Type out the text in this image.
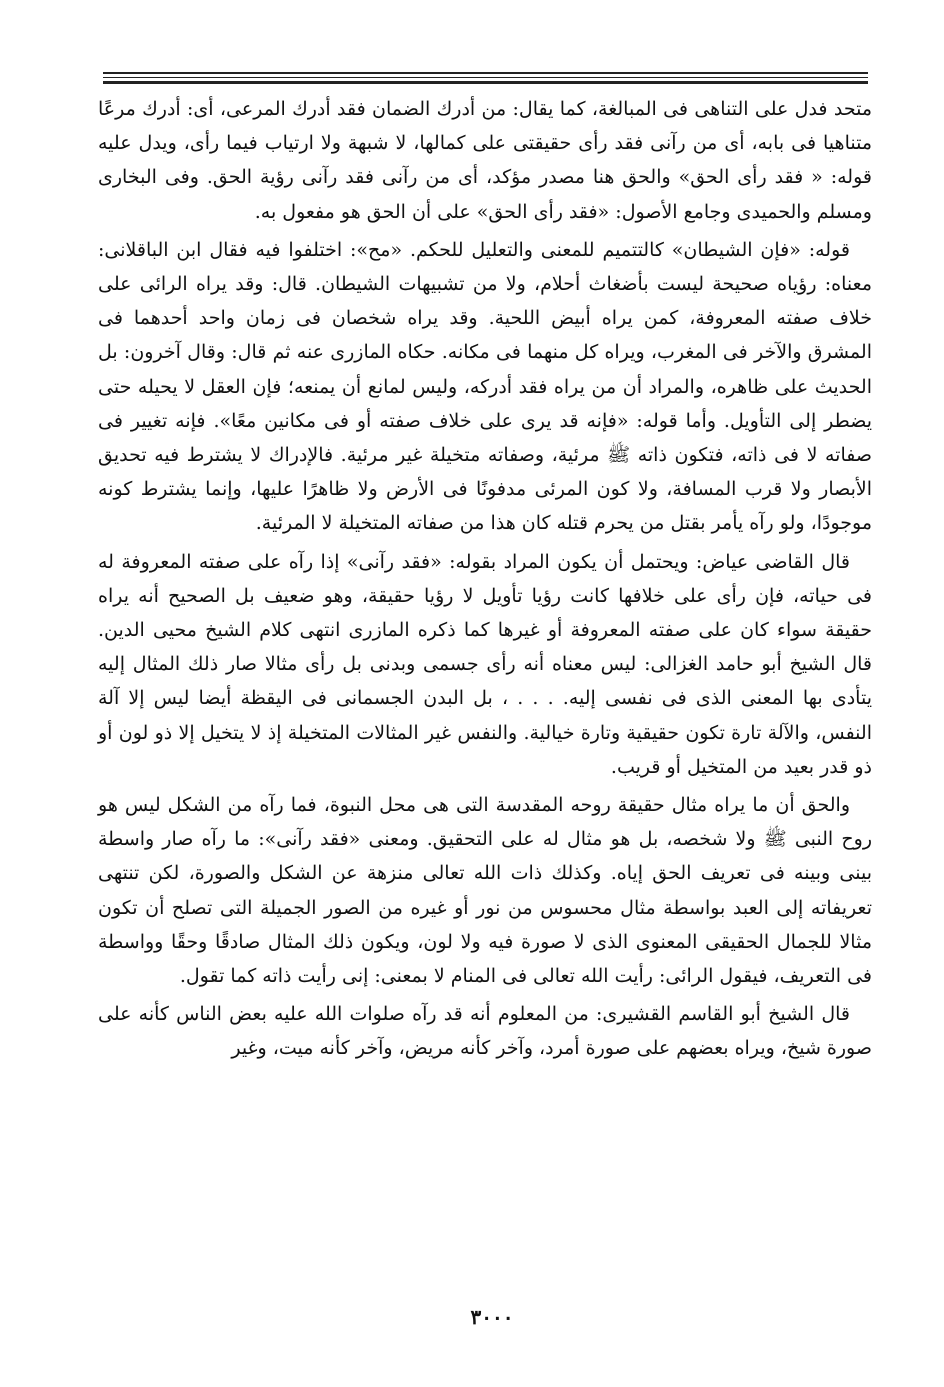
متحد فدل على التناهى فى المبالغة، كما يقال: من أدرك الضمان فقد أدرك المرعى، أى: أدرك مرعًا متناهيا فى بابه، أى من رآنى فقد رأى حقيقتى على كمالها، لا شبهة ولا ارتياب فيما رأى، ويدل عليه قوله: « فقد رأى الحق» والحق هنا مصدر مؤكد، أى من رآنى فقد رآنى رؤية الحق. وفى البخارى ومسلم والحميدى وجامع الأصول: «فقد رأى الحق» على أن الحق هو مفعول به.

قوله: «فإن الشيطان» كالتتميم للمعنى والتعليل للحكم. «مح»: اختلفوا فيه فقال ابن الباقلانى: معناه: رؤياه صحيحة ليست بأضغاث أحلام، ولا من تشبيهات الشيطان. قال: وقد يراه الرائى على خلاف صفته المعروفة، كمن يراه أبيض اللحية. وقد يراه شخصان فى زمان واحد أحدهما فى المشرق والآخر فى المغرب، ويراه كل منهما فى مكانه. حكاه المازرى عنه ثم قال: وقال آخرون: بل الحديث على ظاهره، والمراد أن من يراه فقد أدركه، وليس لمانع أن يمنعه؛ فإن العقل لا يحيله حتى يضطر إلى التأويل. وأما قوله: «فإنه قد يرى على خلاف صفته أو فى مكانين معًا». فإنه تغيير فى صفاته لا فى ذاته، فتكون ذاته ﷺ مرئية، وصفاته متخيلة غير مرئية. فالإدراك لا يشترط فيه تحديق الأبصار ولا قرب المسافة، ولا كون المرئى مدفونًا فى الأرض ولا ظاهرًا عليها، وإنما يشترط كونه موجودًا، ولو رآه يأمر بقتل من يحرم قتله كان هذا من صفاته المتخيلة لا المرئية.

قال القاضى عياض: ويحتمل أن يكون المراد بقوله: «فقد رآنى» إذا رآه على صفته المعروفة له فى حياته، فإن رأى على خلافها كانت رؤيا تأويل لا رؤيا حقيقة، وهو ضعيف بل الصحيح أنه يراه حقيقة سواء كان على صفته المعروفة أو غيرها كما ذكره المازرى انتهى كلام الشيخ محيى الدين. قال الشيخ أبو حامد الغزالى: ليس معناه أنه رأى جسمى وبدنى بل رأى مثالا صار ذلك المثال إليه يتأدى بها المعنى الذى فى نفسى إليه. . . . ، بل البدن الجسمانى فى اليقظة أيضا ليس إلا آلة النفس، والآلة تارة تكون حقيقية وتارة خيالية. والنفس غير المثالات المتخيلة إذ لا يتخيل إلا ذو لون أو ذو قدر بعيد من المتخيل أو قريب.

والحق أن ما يراه مثال حقيقة روحه المقدسة التى هى محل النبوة، فما رآه من الشكل ليس هو روح النبى ﷺ ولا شخصه، بل هو مثال له على التحقيق. ومعنى «فقد رآنى»: ما رآه صار واسطة بينى وبينه فى تعريف الحق إياه. وكذلك ذات الله تعالى منزهة عن الشكل والصورة، لكن تنتهى تعريفاته إلى العبد بواسطة مثال محسوس من نور أو غيره من الصور الجميلة التى تصلح أن تكون مثالا للجمال الحقيقى المعنوى الذى لا صورة فيه ولا لون، ويكون ذلك المثال صادقًا وحقًا وواسطة فى التعريف، فيقول الرائى: رأيت الله تعالى فى المنام لا بمعنى: إنى رأيت ذاته كما تقول.

قال الشيخ أبو القاسم القشيرى: من المعلوم أنه قد رآه صلوات الله عليه بعض الناس كأنه على صورة شيخ، ويراه بعضهم على صورة أمرد، وآخر كأنه مريض، وآخر كأنه ميت، وغير

٣٠٠٠
